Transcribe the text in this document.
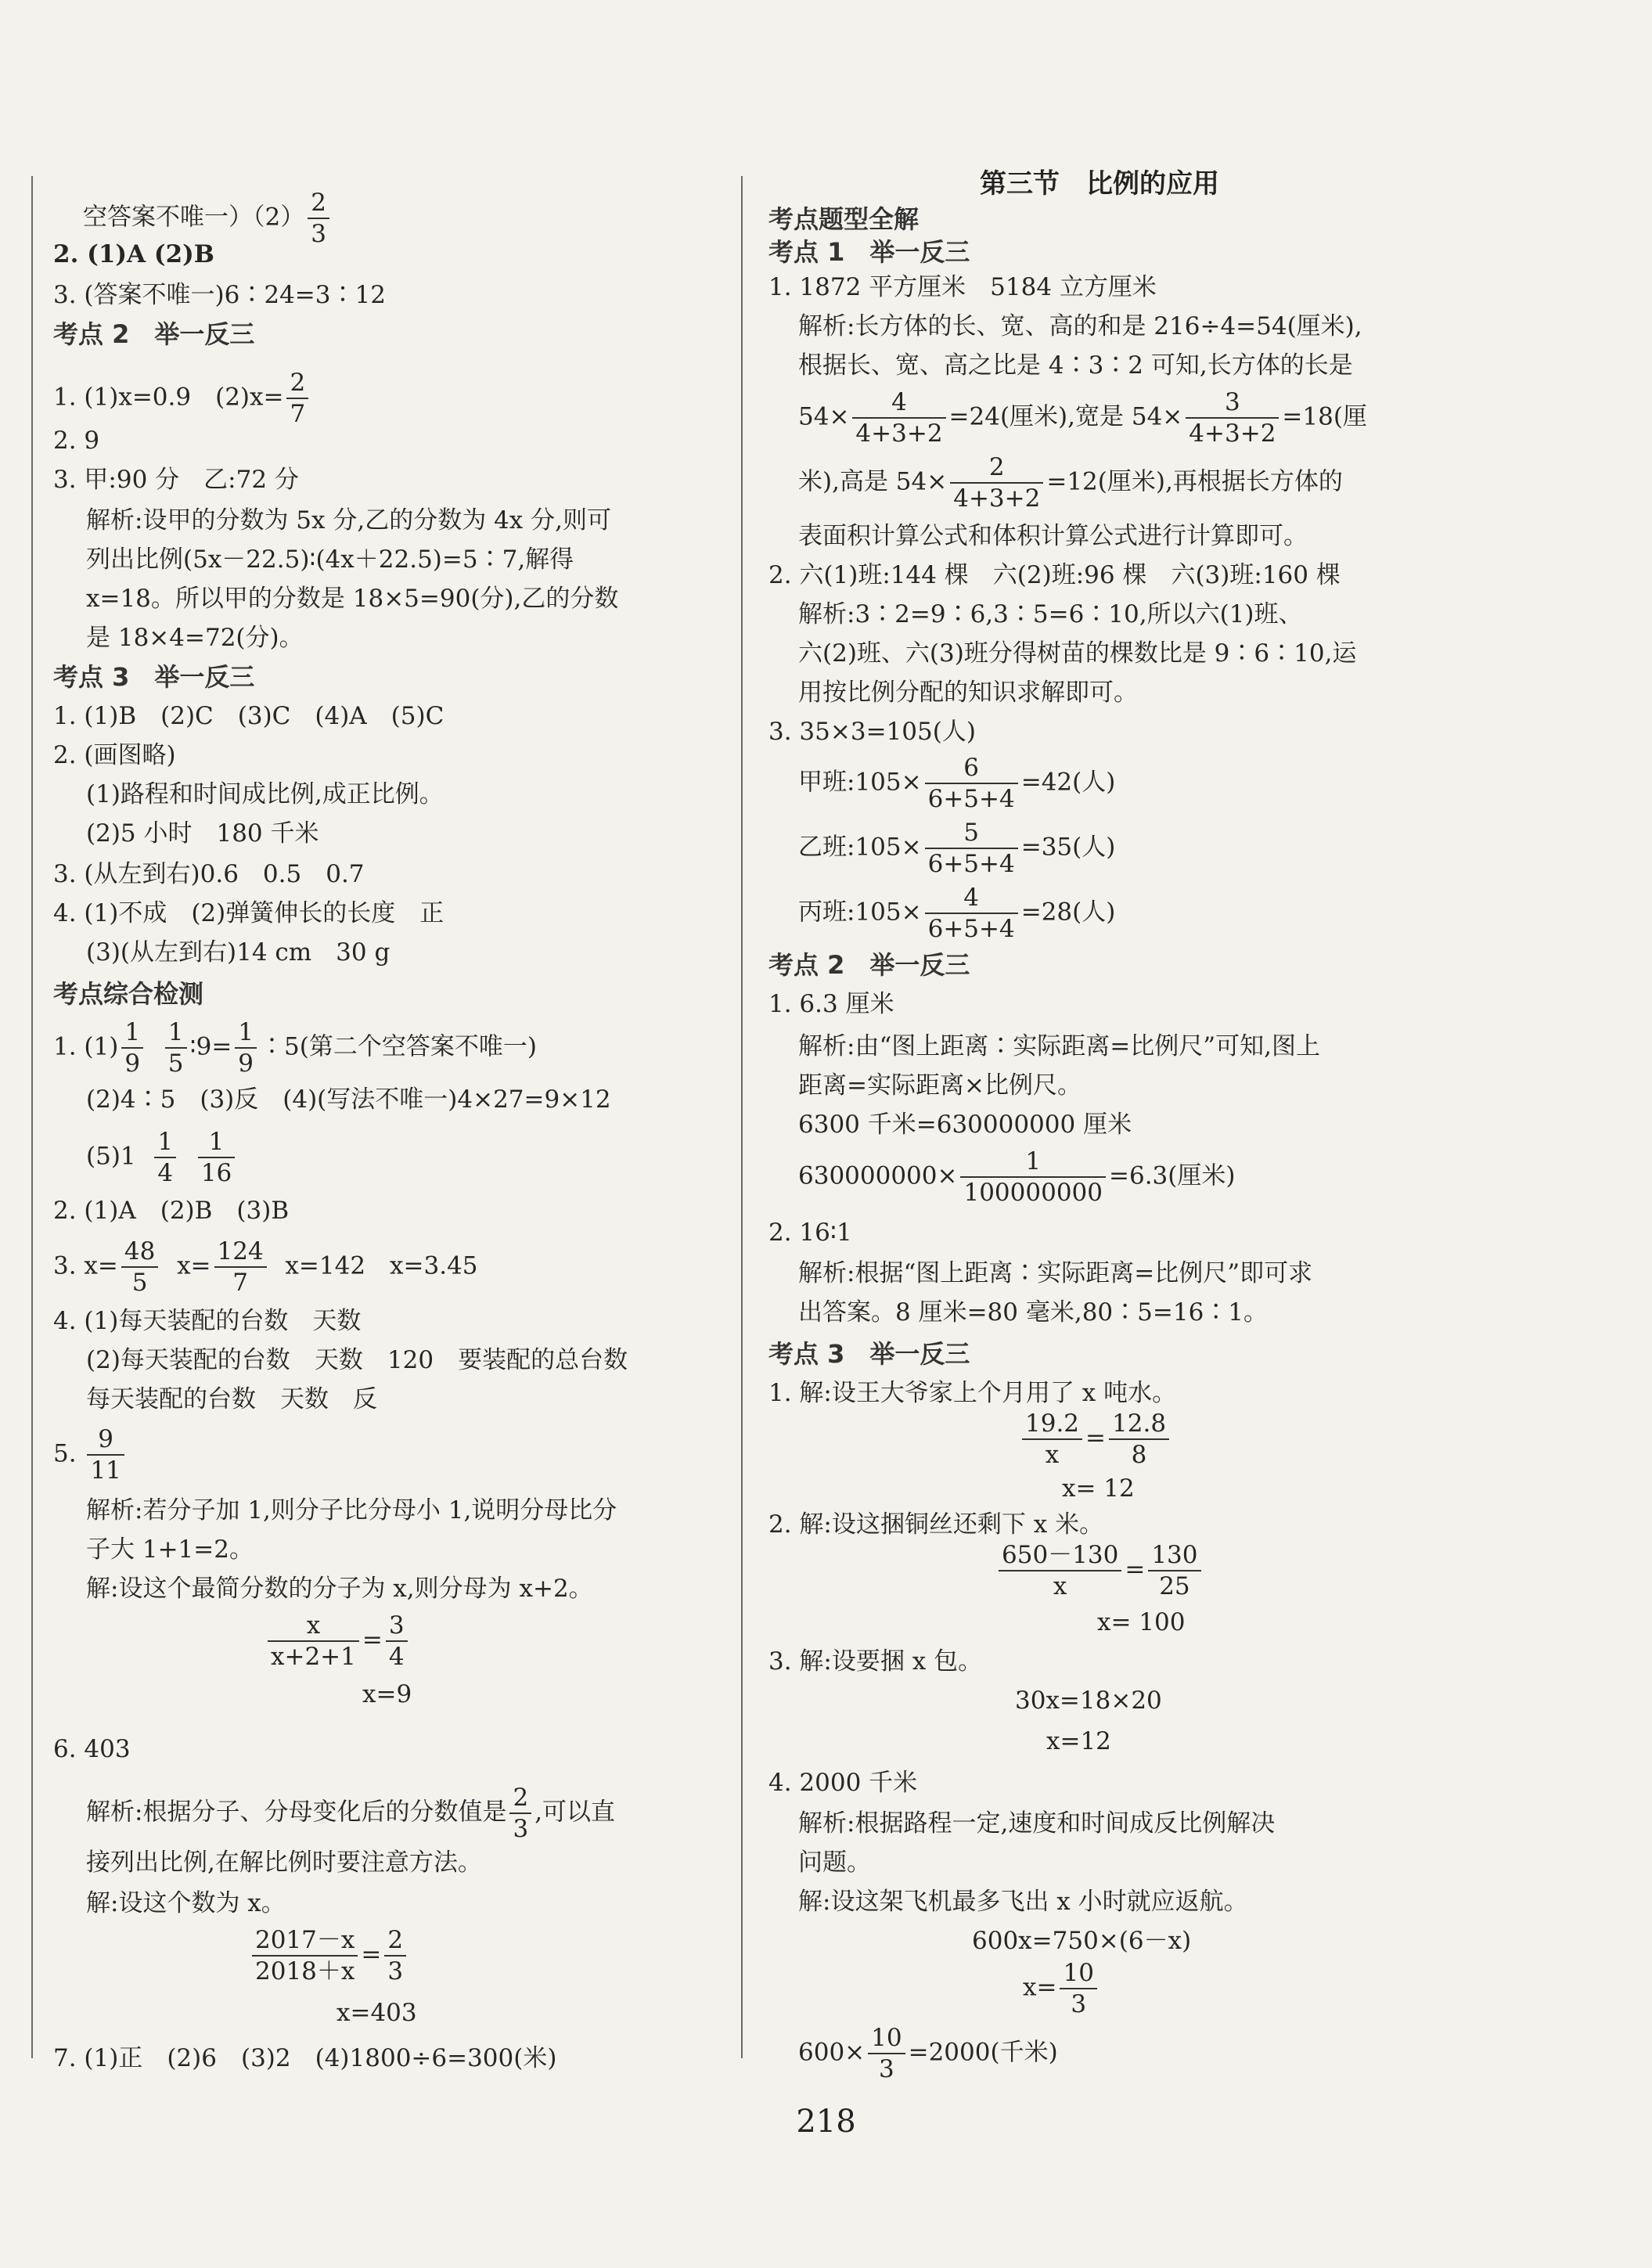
空答案不唯一）$(2) \frac{2}{3}$
2. (1)A (2)B
3. (答案不唯一)6∶24=3∶12
考点 2　举一反三
1. (1)x=0.9　$(2)x= \frac{2}{7}$
2. 9
3. 甲:90 分　乙:72 分
解析:设甲的分数为 5x 分,乙的分数为 4x 分,则可
列出比例(5x－22.5)∶(4x＋22.5)=5∶7,解得
x=18。所以甲的分数是 18×5=90(分),乙的分数
是 18×4=72(分)。
考点 3　举一反三
1. (1)B　(2)C　(3)C　(4)A　(5)C
2. (画图略)
(1)路程和时间成比例,成正比例。
(2)5 小时　180 千米
3. (从左到右)0.6　0.5　0.7
4. (1)不成　(2)弹簧伸长的长度　正
(3)(从左到右)14 cm　30 g
考点综合检测
1. $(1) \frac{1}{9}$
$\frac{1}{5}$ ∶9= $\frac{1}{9}$ ∶5(第二个空答案不唯一)
(2)4∶5　(3)反　(4)(写法不唯一)4×27=9×12
$(5)1 \frac{1}{4}$
$\frac{1}{16}$
2. (1)A　(2)B　(3)B
3. $x= \frac{48}{5} x= \frac{124}{7} x=142$　x=3.45
4. (1)每天装配的台数　天数
(2)每天装配的台数　天数　120　要装配的总台数
每天装配的台数　天数　反
5. $\frac{9}{11}$
解析:若分子加 1,则分子比分母小 1,说明分母比分
子大 1+1=2。
解:设这个最简分数的分子为 x,则分母为 x+2。
$\frac{x}{x+2+1} = \frac{3}{4}$
x=9
6. 403
解析:根据分子、分母变化后的分数值是 $\frac{2}{3}$ ,可以直
接列出比例,在解比例时要注意方法。
解:设这个数为 x。
$\frac{2017-x}{2018+x} = \frac{2}{3}$
x=403
7. (1)正　(2)6　(3)2　(4)1800÷6=300(米)
第三节　比例的应用
考点题型全解
考点 1　举一反三
1. 1872 平方厘米　5184 立方厘米
解析:长方体的长、宽、高的和是 216÷4=54(厘米),
根据长、宽、高之比是 4∶3∶2 可知,长方体的长是
$54\times \frac{4}{4+3+2} =24$(厘米),宽是 $54\times \frac{3}{4+3+2} =18$(厘
米),高是 $54\times \frac{2}{4+3+2} =12$(厘米),再根据长方体的
表面积计算公式和体积计算公式进行计算即可。
2. 六(1)班:144 棵　六(2)班:96 棵　六(3)班:160 棵
解析:3∶2=9∶6,3∶5=6∶10,所以六(1)班、
六(2)班、六(3)班分得树苗的棵数比是 9∶6∶10,运
用按比例分配的知识求解即可。
3. 35×3=105(人)
甲班:105× $\frac{6}{6+5+4} =42$(人)
乙班:105× $\frac{5}{6+5+4} =35$(人)
丙班:105× $\frac{4}{6+5+4} =28$(人)
考点 2　举一反三
1. 6.3 厘米
解析:由“图上距离∶实际距离=比例尺”可知,图上
距离=实际距离×比例尺。
6300 千米=630000000 厘米
$630000000\times \frac{1}{100000000} =6.3$(厘米)
2. 16∶1
解析:根据“图上距离∶实际距离=比例尺”即可求
出答案。8 厘米=80 毫米,80∶5=16∶1。
考点 3　举一反三
1. 解:设王大爷家上个月用了 x 吨水。
$\frac{19.2}{x} = \frac{12.8}{8}$
x= 12
2. 解:设这捆铜丝还剩下 x 米。
$\frac{650-130}{x} = \frac{130}{25}$
x= 100
3. 解:设要捆 x 包。
30x=18×20
x=12
4. 2000 千米
解析:根据路程一定,速度和时间成反比例解决
问题。
解:设这架飞机最多飞出 x 小时就应返航。
600x=750×(6－x)
$x= \frac{10}{3}$
$600\times \frac{10}{3} =2000$(千米)
218
